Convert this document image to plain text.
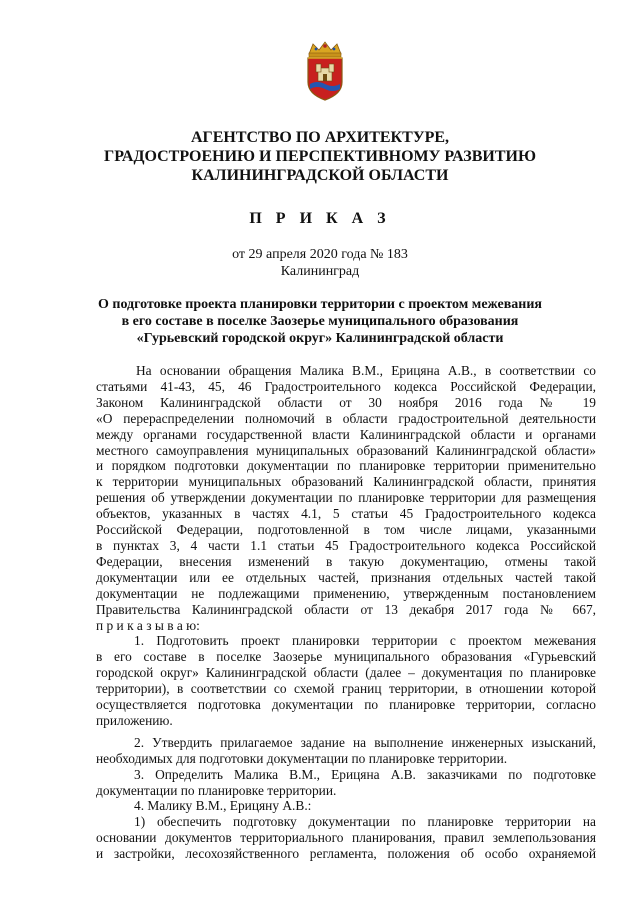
АГЕНТСТВО ПО АРХИТЕКТУРЕ,
ГРАДОСТРОЕНИЮ И ПЕРСПЕКТИВНОМУ РАЗВИТИЮ
КАЛИНИНГРАДСКОЙ ОБЛАСТИ
П Р И К А З
от 29 апреля 2020 года № 183
Калининград
О подготовке проекта планировки территории с проектом межевания
в его составе в поселке Заозерье муниципального образования
«Гурьевский городской округ» Калининградской области
На основании обращения Малика В.М., Ерицяна А.В., в соответствии со
статьями 41-43, 45, 46 Градостроительного кодекса Российской Федерации,
Законом Калининградской области от 30 ноября 2016 года № 19
«О перераспределении полномочий в области градостроительной деятельности
между органами государственной власти Калининградской области и органами
местного самоуправления муниципальных образований Калининградской области»
и порядком подготовки документации по планировке территории применительно
к территории муниципальных образований Калининградской области, принятия
решения об утверждении документации по планировке территории для размещения
объектов, указанных в частях 4.1, 5 статьи 45 Градостроительного кодекса
Российской Федерации, подготовленной в том числе лицами, указанными
в пунктах 3, 4 части 1.1 статьи 45 Градостроительного кодекса Российской
Федерации, внесения изменений в такую документацию, отмены такой
документации или ее отдельных частей, признания отдельных частей такой
документации не подлежащими применению, утвержденным постановлением
Правительства Калининградской области от 13 декабря 2017 года № 667,
п р и к а з ы в а ю:
1. Подготовить проект планировки территории с проектом межевания
в его составе в поселке Заозерье муниципального образования «Гурьевский
городской округ» Калининградской области (далее – документация по планировке
территории), в соответствии со схемой границ территории, в отношении которой
осуществляется подготовка документации по планировке территории, согласно
приложению.
2. Утвердить прилагаемое задание на выполнение инженерных изысканий,
необходимых для подготовки документации по планировке территории.
3. Определить Малика В.М., Ерицяна А.В. заказчиками по подготовке
документации по планировке территории.
4. Малику В.М., Ерицяну А.В.:
1) обеспечить подготовку документации по планировке территории на
основании документов территориального планирования, правил землепользования
и застройки, лесохозяйственного регламента, положения об особо охраняемой
